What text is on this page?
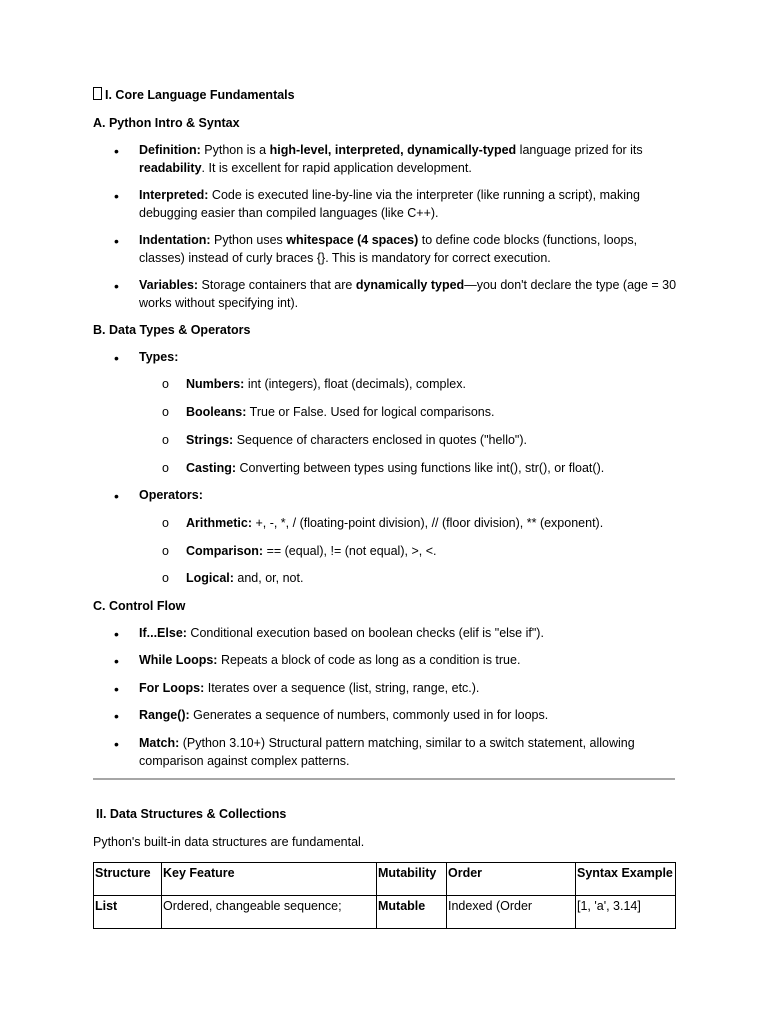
I. Core Language Fundamentals
A. Python Intro & Syntax
• Definition: Python is a high-level, interpreted, dynamically-typed language prized for its readability. It is excellent for rapid application development.
• Interpreted: Code is executed line-by-line via the interpreter (like running a script), making debugging easier than compiled languages (like C++).
• Indentation: Python uses whitespace (4 spaces) to define code blocks (functions, loops, classes) instead of curly braces {}. This is mandatory for correct execution.
• Variables: Storage containers that are dynamically typed—you don't declare the type (age = 30 works without specifying int).
B. Data Types & Operators
• Types:
o Numbers: int (integers), float (decimals), complex.
o Booleans: True or False. Used for logical comparisons.
o Strings: Sequence of characters enclosed in quotes ("hello").
o Casting: Converting between types using functions like int(), str(), or float().
• Operators:
o Arithmetic: +, -, *, / (floating-point division), // (floor division), ** (exponent).
o Comparison: == (equal), != (not equal), >, <.
o Logical: and, or, not.
C. Control Flow
• If...Else: Conditional execution based on boolean checks (elif is "else if").
• While Loops: Repeats a block of code as long as a condition is true.
• For Loops: Iterates over a sequence (list, string, range, etc.).
• Range(): Generates a sequence of numbers, commonly used in for loops.
• Match: (Python 3.10+) Structural pattern matching, similar to a switch statement, allowing comparison against complex patterns.
II. Data Structures & Collections
Python's built-in data structures are fundamental.
Structure	Key Feature	Mutability	Order	Syntax Example
List	Ordered, changeable sequence;	Mutable	Indexed (Order	[1, 'a', 3.14]
